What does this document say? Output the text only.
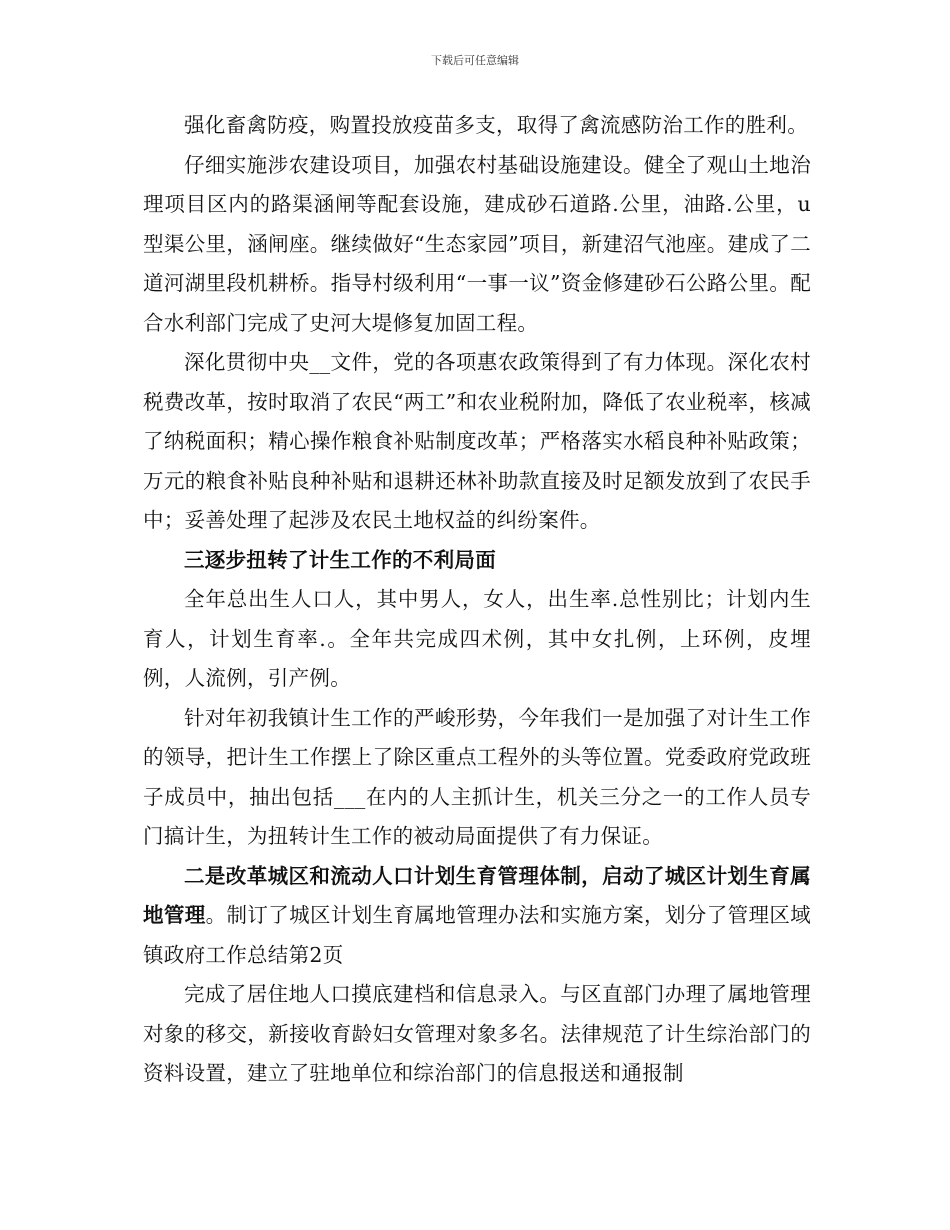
下载后可任意编辑

强化畜禽防疫，购置投放疫苗多支，取得了禽流感防治工作的胜利。

仔细实施涉农建设项目，加强农村基础设施建设。健全了观山土地治理项目区内的路渠涵闸等配套设施，建成砂石道路.公里，油路.公里，u型渠公里，涵闸座。继续做好“生态家园”项目，新建沼气池座。建成了二道河湖里段机耕桥。指导村级利用“一事一议”资金修建砂石公路公里。配合水利部门完成了史河大堤修复加固工程。

深化贯彻中央__文件，党的各项惠农政策得到了有力体现。深化农村税费改革，按时取消了农民“两工”和农业税附加，降低了农业税率，核减了纳税面积；精心操作粮食补贴制度改革；严格落实水稻良种补贴政策；万元的粮食补贴良种补贴和退耕还林补助款直接及时足额发放到了农民手中；妥善处理了起涉及农民土地权益的纠纷案件。

三逐步扭转了计生工作的不利局面

全年总出生人口人，其中男人，女人，出生率.总性别比；计划内生育人，计划生育率.。全年共完成四术例，其中女扎例，上环例，皮埋例，人流例，引产例。

针对年初我镇计生工作的严峻形势，今年我们一是加强了对计生工作的领导，把计生工作摆上了除区重点工程外的头等位置。党委政府党政班子成员中，抽出包括___在内的人主抓计生，机关三分之一的工作人员专门搞计生，为扭转计生工作的被动局面提供了有力保证。

二是改革城区和流动人口计划生育管理体制，启动了城区计划生育属地管理。制订了城区计划生育属地管理办法和实施方案，划分了管理区域镇政府工作总结第2页

完成了居住地人口摸底建档和信息录入。与区直部门办理了属地管理对象的移交，新接收育龄妇女管理对象多名。法律规范了计生综治部门的资料设置，建立了驻地单位和综治部门的信息报送和通报制
